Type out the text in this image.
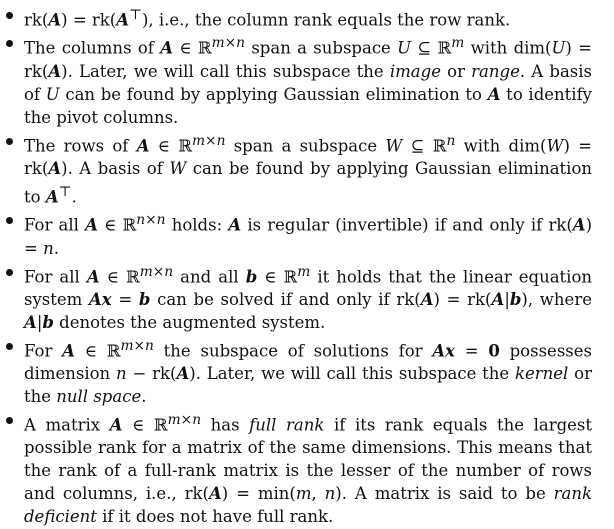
rk(A) = rk(A⊤), i.e., the column rank equals the row rank.
The columns of A ∈ ℝ$^{m\times n}$ span a subspace U ⊆ ℝ$^m$ with dim(U) = rk(A). Later, we will call this subspace the image or range. A basis of U can be found by applying Gaussian elimination to A to identify the pivot columns.
The rows of A ∈ ℝ$^{m\times n}$ span a subspace W ⊆ ℝ$^n$ with dim(W) = rk(A). A basis of W can be found by applying Gaussian elimination to A⊤.
For all A ∈ ℝ$^{n\times n}$ holds: A is regular (invertible) if and only if rk(A) = n.
For all A ∈ ℝ$^{m\times n}$ and all b ∈ ℝ$^m$ it holds that the linear equation system Ax = b can be solved if and only if rk(A) = rk(A|b), where A|b denotes the augmented system.
For A ∈ ℝ$^{m\times n}$ the subspace of solutions for Ax = 0 possesses dimension n − rk(A). Later, we will call this subspace the kernel or the null space.
A matrix A ∈ ℝ$^{m\times n}$ has full rank if its rank equals the largest possible rank for a matrix of the same dimensions. This means that the rank of a full-rank matrix is the lesser of the number of rows and columns, i.e., rk(A) = min(m, n). A matrix is said to be rank deficient if it does not have full rank.
